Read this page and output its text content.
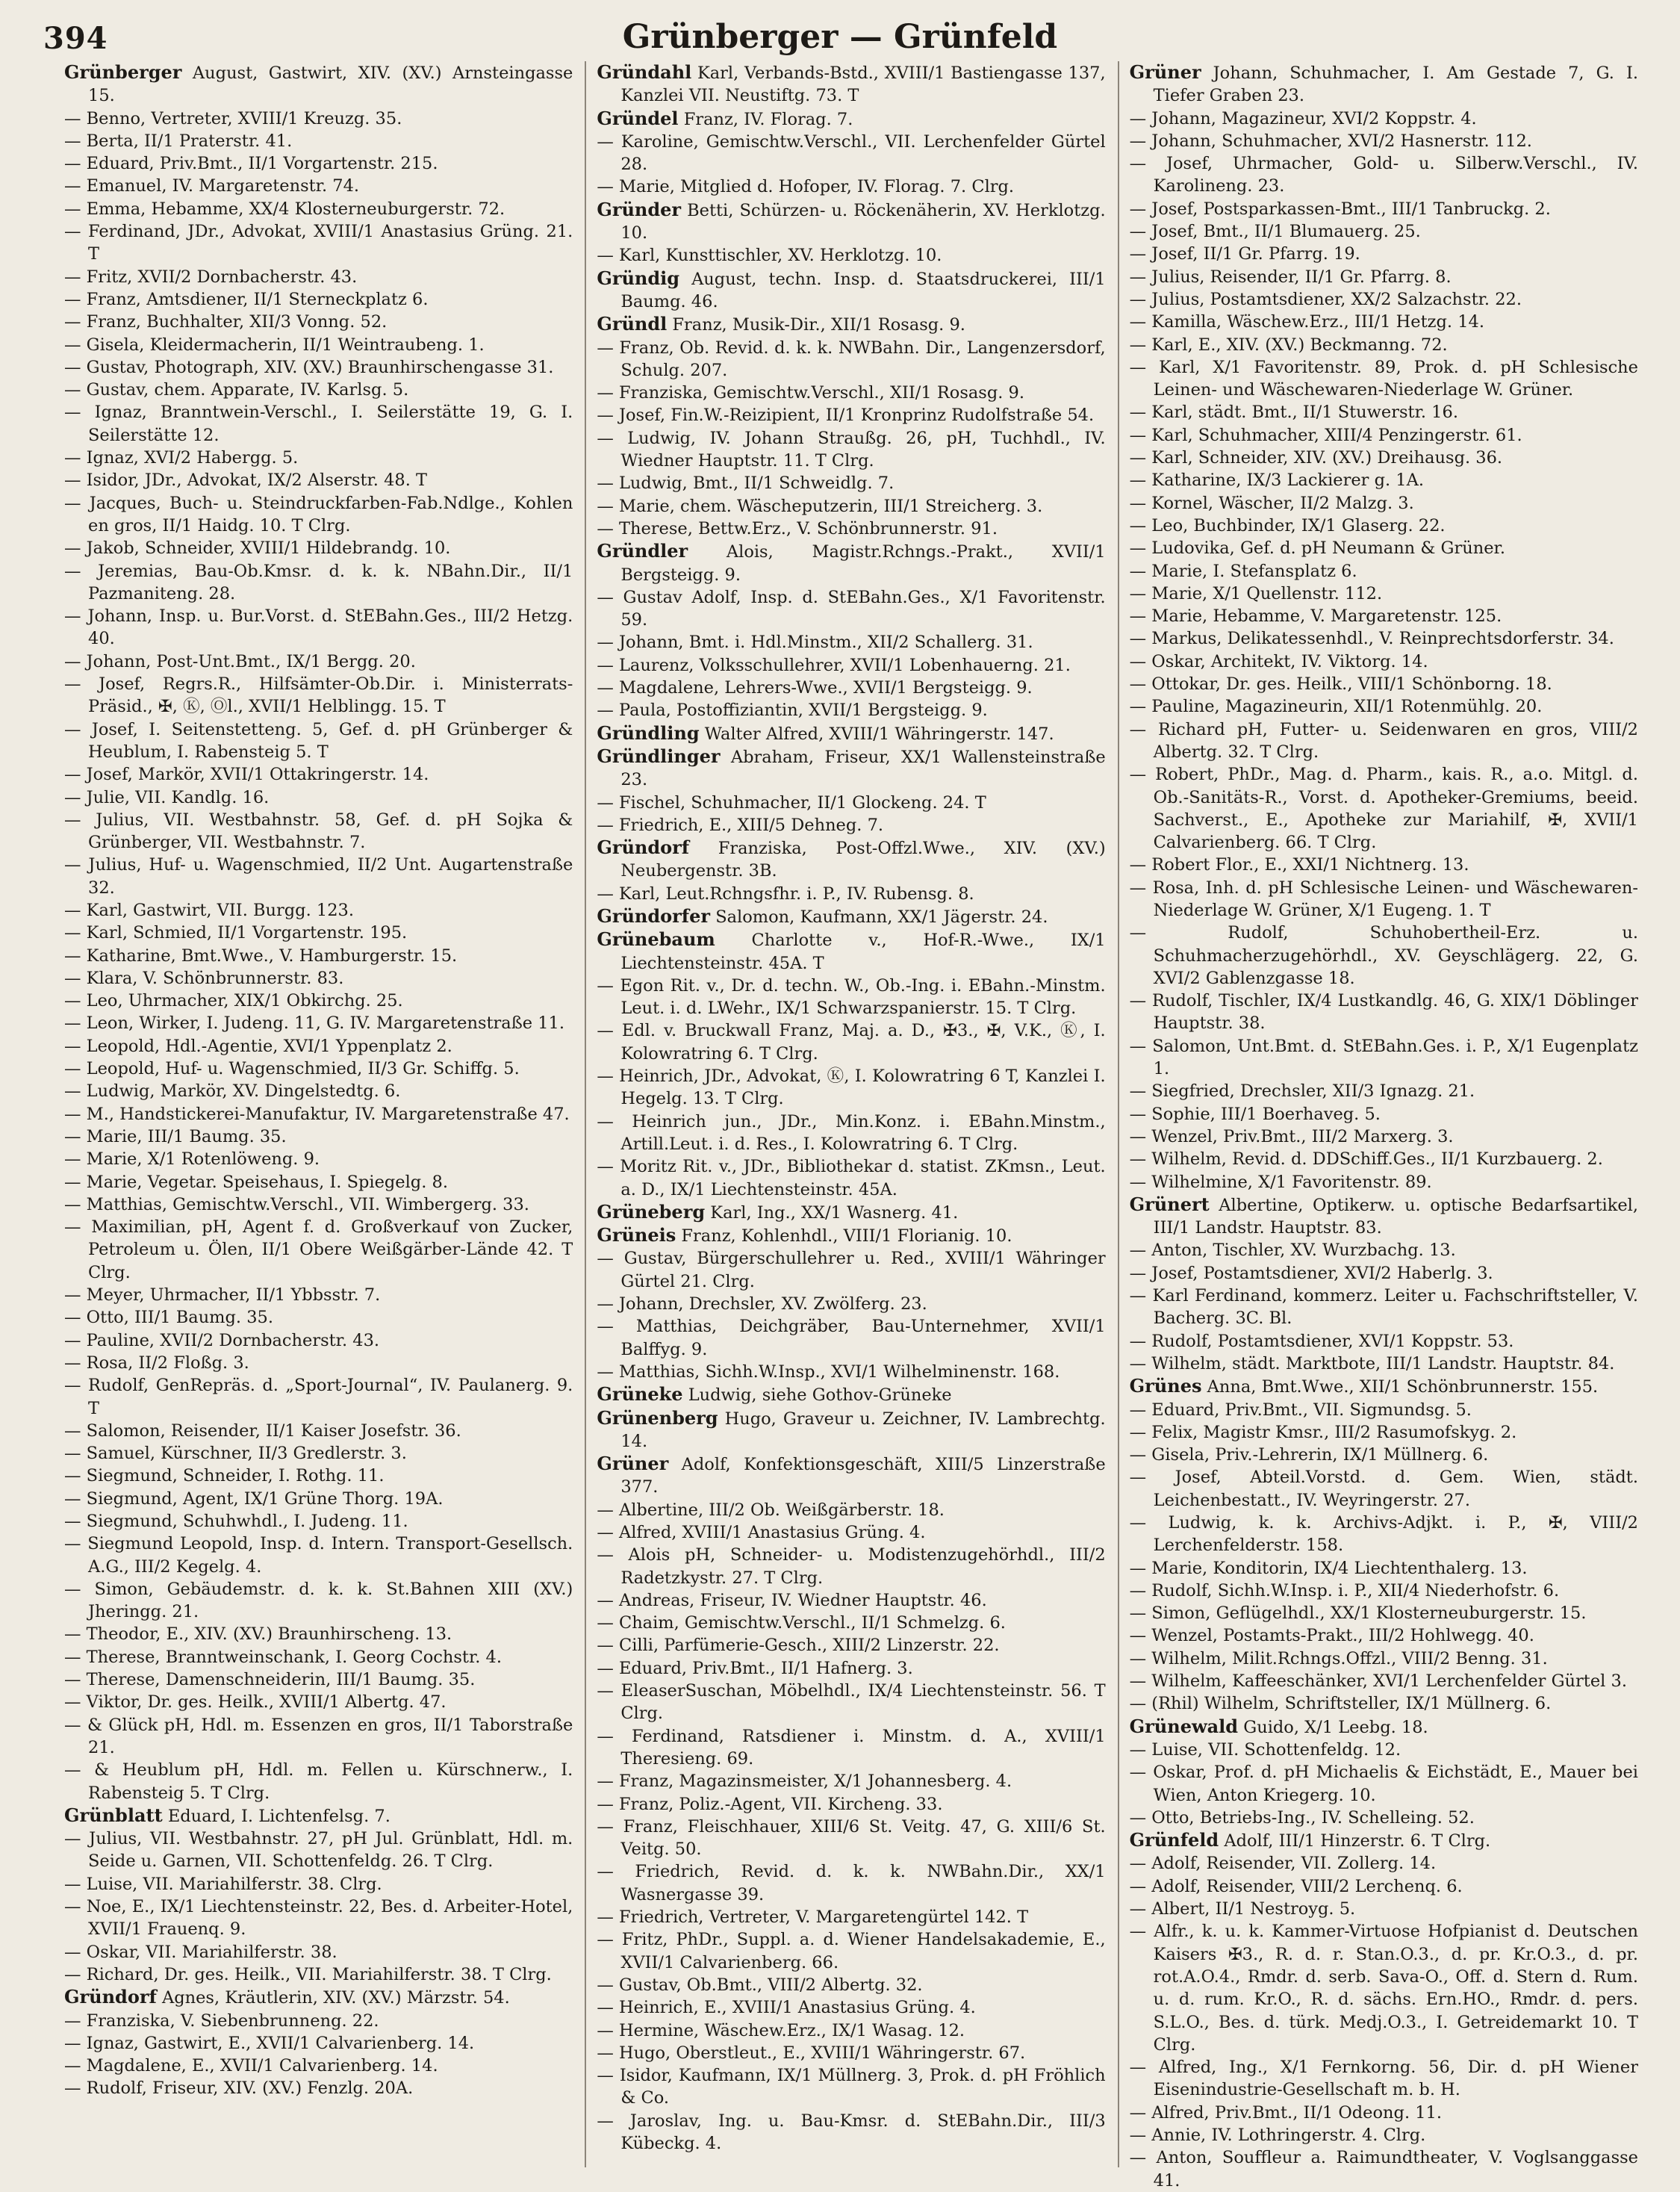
394	Grünberger — Grünfeld
Grünberger August, Gastwirt, XIV. (XV.) Arnsteingasse 15.
— Benno, Vertreter, XVIII/1 Kreuzg. 35.
— Berta, II/1 Praterstr. 41.
— Eduard, Priv.Bmt., II/1 Vorgartenstr. 215.
— Emanuel, IV. Margaretenstr. 74.
— Emma, Hebamme, XX/4 Klosterneuburgerstr. 72.
— Ferdinand, JDr., Advokat, XVIII/1 Anastasius Grüng. 21. T
— Fritz, XVII/2 Dornbacherstr. 43.
— Franz, Amtsdiener, II/1 Sterneckplatz 6.
— Franz, Buchhalter, XII/3 Vonng. 52.
— Gisela, Kleidermacherin, II/1 Weintraubeng. 1.
— Gustav, Photograph, XIV. (XV.) Braunhirschengasse 31.
— Gustav, chem. Apparate, IV. Karlsg. 5.
— Ignaz, Branntwein-Verschl., I. Seilerstätte 19, G. I. Seilerstätte 12.
— Ignaz, XVI/2 Habergg. 5.
— Isidor, JDr., Advokat, IX/2 Alserstr. 48. T
— Jacques, Buch- u. Steindruckfarben-Fab.Ndlge., Kohlen en gros, II/1 Haidg. 10. T Clrg.
— Jakob, Schneider, XVIII/1 Hildebrandg. 10.
— Jeremias, Bau-Ob.Kmsr. d. k. k. NBahn.Dir., II/1 Pazmaniteng. 28.
— Johann, Insp. u. Bur.Vorst. d. StEBahn.Ges., III/2 Hetzg. 40.
— Johann, Post-Unt.Bmt., IX/1 Bergg. 20.
— Josef, Regrs.R., Hilfsämter-Ob.Dir. i. Ministerrats-Präsid., ✠, Ⓚ, Ⓞl., XVII/1 Helblingg. 15. T
— Josef, I. Seitenstetteng. 5, Gef. d. pH Grünberger & Heublum, I. Rabensteig 5. T
— Josef, Markör, XVII/1 Ottakringerstr. 14.
— Julie, VII. Kandlg. 16.
— Julius, VII. Westbahnstr. 58, Gef. d. pH Sojka & Grünberger, VII. Westbahnstr. 7.
— Julius, Huf- u. Wagenschmied, II/2 Unt. Augartenstraße 32.
— Karl, Gastwirt, VII. Burgg. 123.
— Karl, Schmied, II/1 Vorgartenstr. 195.
— Katharine, Bmt.Wwe., V. Hamburgerstr. 15.
— Klara, V. Schönbrunnerstr. 83.
— Leo, Uhrmacher, XIX/1 Obkirchg. 25.
— Leon, Wirker, I. Judeng. 11, G. IV. Margaretenstraße 11.
— Leopold, Hdl.-Agentie, XVI/1 Yppenplatz 2.
— Leopold, Huf- u. Wagenschmied, II/3 Gr. Schiffg. 5.
— Ludwig, Markör, XV. Dingelstedtg. 6.
— M., Handstickerei-Manufaktur, IV. Margaretenstraße 47.
— Marie, III/1 Baumg. 35.
— Marie, X/1 Rotenlöweng. 9.
— Marie, Vegetar. Speisehaus, I. Spiegelg. 8.
— Matthias, Gemischtw.Verschl., VII. Wimbergerg. 33.
— Maximilian, pH, Agent f. d. Großverkauf von Zucker, Petroleum u. Ölen, II/1 Obere Weißgärber-Lände 42. T Clrg.
— Meyer, Uhrmacher, II/1 Ybbsstr. 7.
— Otto, III/1 Baumg. 35.
— Pauline, XVII/2 Dornbacherstr. 43.
— Rosa, II/2 Floßg. 3.
— Rudolf, GenRepräs. d. „Sport-Journal“, IV. Paulanerg. 9. T
— Salomon, Reisender, II/1 Kaiser Josefstr. 36.
— Samuel, Kürschner, II/3 Gredlerstr. 3.
— Siegmund, Schneider, I. Rothg. 11.
— Siegmund, Agent, IX/1 Grüne Thorg. 19A.
— Siegmund, Schuhwhdl., I. Judeng. 11.
— Siegmund Leopold, Insp. d. Intern. Transport-Gesellsch. A.G., III/2 Kegelg. 4.
— Simon, Gebäudemstr. d. k. k. St.Bahnen XIII (XV.) Jheringg. 21.
— Theodor, E., XIV. (XV.) Braunhirscheng. 13.
— Therese, Branntweinschank, I. Georg Cochstr. 4.
— Therese, Damenschneiderin, III/1 Baumg. 35.
— Viktor, Dr. ges. Heilk., XVIII/1 Albertg. 47.
— & Glück pH, Hdl. m. Essenzen en gros, II/1 Taborstraße 21.
— & Heublum pH, Hdl. m. Fellen u. Kürschnerw., I. Rabensteig 5. T Clrg.
Grünblatt Eduard, I. Lichtenfelsg. 7.
— Julius, VII. Westbahnstr. 27, pH Jul. Grünblatt, Hdl. m. Seide u. Garnen, VII. Schottenfeldg. 26. T Clrg.
— Luise, VII. Mariahilferstr. 38. Clrg.
— Noe, E., IX/1 Liechtensteinstr. 22, Bes. d. Arbeiter-Hotel, XVII/1 Frauenq. 9.
— Oskar, VII. Mariahilferstr. 38.
— Richard, Dr. ges. Heilk., VII. Mariahilferstr. 38. T Clrg.
Gründorf Agnes, Kräutlerin, XIV. (XV.) Märzstr. 54.
— Franziska, V. Siebenbrunneng. 22.
— Ignaz, Gastwirt, E., XVII/1 Calvarienberg. 14.
— Magdalene, E., XVII/1 Calvarienberg. 14.
— Rudolf, Friseur, XIV. (XV.) Fenzlg. 20A.
Gründahl Karl, Verbands-Bstd., XVIII/1 Bastiengasse 137, Kanzlei VII. Neustiftg. 73. T
Gründel Franz, IV. Florag. 7.
— Karoline, Gemischtw.Verschl., VII. Lerchenfelder Gürtel 28.
— Marie, Mitglied d. Hofoper, IV. Florag. 7. Clrg.
Gründer Betti, Schürzen- u. Röckenäherin, XV. Herklotzg. 10.
— Karl, Kunsttischler, XV. Herklotzg. 10.
Gründig August, techn. Insp. d. Staatsdruckerei, III/1 Baumg. 46.
Gründl Franz, Musik-Dir., XII/1 Rosasg. 9.
— Franz, Ob. Revid. d. k. k. NWBahn. Dir., Langenzersdorf, Schulg. 207.
— Franziska, Gemischtw.Verschl., XII/1 Rosasg. 9.
— Josef, Fin.W.-Reizipient, II/1 Kronprinz Rudolfstraße 54.
— Ludwig, IV. Johann Straußg. 26, pH, Tuchhdl., IV. Wiedner Hauptstr. 11. T Clrg.
— Ludwig, Bmt., II/1 Schweidlg. 7.
— Marie, chem. Wäscheputzerin, III/1 Streicherg. 3.
— Therese, Bettw.Erz., V. Schönbrunnerstr. 91.
Gründler Alois, Magistr.Rchngs.-Prakt., XVII/1 Bergsteigg. 9.
— Gustav Adolf, Insp. d. StEBahn.Ges., X/1 Favoritenstr. 59.
— Johann, Bmt. i. Hdl.Minstm., XII/2 Schallerg. 31.
— Laurenz, Volksschullehrer, XVII/1 Lobenhauerng. 21.
— Magdalene, Lehrers-Wwe., XVII/1 Bergsteigg. 9.
— Paula, Postoffiziantin, XVII/1 Bergsteigg. 9.
Gründling Walter Alfred, XVIII/1 Währingerstr. 147.
Gründlinger Abraham, Friseur, XX/1 Wallensteinstraße 23.
— Fischel, Schuhmacher, II/1 Glockeng. 24. T
— Friedrich, E., XIII/5 Dehneg. 7.
Gründorf Franziska, Post-Offzl.Wwe., XIV. (XV.) Neubergenstr. 3B.
— Karl, Leut.Rchngsfhr. i. P., IV. Rubensg. 8.
Gründorfer Salomon, Kaufmann, XX/1 Jägerstr. 24.
Grünebaum Charlotte v., Hof-R.-Wwe., IX/1 Liechtensteinstr. 45A. T
— Egon Rit. v., Dr. d. techn. W., Ob.-Ing. i. EBahn.-Minstm. Leut. i. d. LWehr., IX/1 Schwarzspanierstr. 15. T Clrg.
— Edl. v. Bruckwall Franz, Maj. a. D., ✠3., ✠, V.K., Ⓚ, I. Kolowratring 6. T Clrg.
— Heinrich, JDr., Advokat, Ⓚ, I. Kolowratring 6 T, Kanzlei I. Hegelg. 13. T Clrg.
— Heinrich jun., JDr., Min.Konz. i. EBahn.Minstm., Artill.Leut. i. d. Res., I. Kolowratring 6. T Clrg.
— Moritz Rit. v., JDr., Bibliothekar d. statist. ZKmsn., Leut. a. D., IX/1 Liechtensteinstr. 45A.
Grüneberg Karl, Ing., XX/1 Wasnerg. 41.
Grüneis Franz, Kohlenhdl., VIII/1 Florianig. 10.
— Gustav, Bürgerschullehrer u. Red., XVIII/1 Währinger Gürtel 21. Clrg.
— Johann, Drechsler, XV. Zwölferg. 23.
— Matthias, Deichgräber, Bau-Unternehmer, XVII/1 Balffyg. 9.
— Matthias, Sichh.W.Insp., XVI/1 Wilhelminenstr. 168.
Grüneke Ludwig, siehe Gothov-Grüneke
Grünenberg Hugo, Graveur u. Zeichner, IV. Lambrechtg. 14.
Grüner Adolf, Konfektionsgeschäft, XIII/5 Linzerstraße 377.
— Albertine, III/2 Ob. Weißgärberstr. 18.
— Alfred, XVIII/1 Anastasius Grüng. 4.
— Alois pH, Schneider- u. Modistenzugehörhdl., III/2 Radetzkystr. 27. T Clrg.
— Andreas, Friseur, IV. Wiedner Hauptstr. 46.
— Chaim, Gemischtw.Verschl., II/1 Schmelzg. 6.
— Cilli, Parfümerie-Gesch., XIII/2 Linzerstr. 22.
— Eduard, Priv.Bmt., II/1 Hafnerg. 3.
— EleaserSuschan, Möbelhdl., IX/4 Liechtensteinstr. 56. T Clrg.
— Ferdinand, Ratsdiener i. Minstm. d. A., XVIII/1 Theresieng. 69.
— Franz, Magazinsmeister, X/1 Johannesberg. 4.
— Franz, Poliz.-Agent, VII. Kircheng. 33.
— Franz, Fleischhauer, XIII/6 St. Veitg. 47, G. XIII/6 St. Veitg. 50.
— Friedrich, Revid. d. k. k. NWBahn.Dir., XX/1 Wasnergasse 39.
— Friedrich, Vertreter, V. Margaretengürtel 142. T
— Fritz, PhDr., Suppl. a. d. Wiener Handelsakademie, E., XVII/1 Calvarienberg. 66.
— Gustav, Ob.Bmt., VIII/2 Albertg. 32.
— Heinrich, E., XVIII/1 Anastasius Grüng. 4.
— Hermine, Wäschew.Erz., IX/1 Wasag. 12.
— Hugo, Oberstleut., E., XVIII/1 Währingerstr. 67.
— Isidor, Kaufmann, IX/1 Müllnerg. 3, Prok. d. pH Fröhlich & Co.
— Jaroslav, Ing. u. Bau-Kmsr. d. StEBahn.Dir., III/3 Kübeckg. 4.
Grüner Johann, Schuhmacher, I. Am Gestade 7, G. I. Tiefer Graben 23.
— Johann, Magazineur, XVI/2 Koppstr. 4.
— Johann, Schuhmacher, XVI/2 Hasnerstr. 112.
— Josef, Uhrmacher, Gold- u. Silberw.Verschl., IV. Karolineng. 23.
— Josef, Postsparkassen-Bmt., III/1 Tanbruckg. 2.
— Josef, Bmt., II/1 Blumauerg. 25.
— Josef, II/1 Gr. Pfarrg. 19.
— Julius, Reisender, II/1 Gr. Pfarrg. 8.
— Julius, Postamtsdiener, XX/2 Salzachstr. 22.
— Kamilla, Wäschew.Erz., III/1 Hetzg. 14.
— Karl, E., XIV. (XV.) Beckmanng. 72.
— Karl, X/1 Favoritenstr. 89, Prok. d. pH Schlesische Leinen- und Wäschewaren-Niederlage W. Grüner.
— Karl, städt. Bmt., II/1 Stuwerstr. 16.
— Karl, Schuhmacher, XIII/4 Penzingerstr. 61.
— Karl, Schneider, XIV. (XV.) Dreihausg. 36.
— Katharine, IX/3 Lackierer g. 1A.
— Kornel, Wäscher, II/2 Malzg. 3.
— Leo, Buchbinder, IX/1 Glaserg. 22.
— Ludovika, Gef. d. pH Neumann & Grüner.
— Marie, I. Stefansplatz 6.
— Marie, X/1 Quellenstr. 112.
— Marie, Hebamme, V. Margaretenstr. 125.
— Markus, Delikatessenhdl., V. Reinprechtsdorferstr. 34.
— Oskar, Architekt, IV. Viktorg. 14.
— Ottokar, Dr. ges. Heilk., VIII/1 Schönborng. 18.
— Pauline, Magazineurin, XII/1 Rotenmühlg. 20.
— Richard pH, Futter- u. Seidenwaren en gros, VIII/2 Albertg. 32. T Clrg.
— Robert, PhDr., Mag. d. Pharm., kais. R., a.o. Mitgl. d. Ob.-Sanitäts-R., Vorst. d. Apotheker-Gremiums, beeid. Sachverst., E., Apotheke zur Mariahilf, ✠, XVII/1 Calvarienberg. 66. T Clrg.
— Robert Flor., E., XXI/1 Nichtnerg. 13.
— Rosa, Inh. d. pH Schlesische Leinen- und Wäschewaren-Niederlage W. Grüner, X/1 Eugeng. 1. T
— Rudolf, Schuhobertheil-Erz. u. Schuhmacherzugehörhdl., XV. Geyschlägerg. 22, G. XVI/2 Gablenzgasse 18.
— Rudolf, Tischler, IX/4 Lustkandlg. 46, G. XIX/1 Döblinger Hauptstr. 38.
— Salomon, Unt.Bmt. d. StEBahn.Ges. i. P., X/1 Eugenplatz 1.
— Siegfried, Drechsler, XII/3 Ignazg. 21.
— Sophie, III/1 Boerhaveg. 5.
— Wenzel, Priv.Bmt., III/2 Marxerg. 3.
— Wilhelm, Revid. d. DDSchiff.Ges., II/1 Kurzbauerg. 2.
— Wilhelmine, X/1 Favoritenstr. 89.
Grünert Albertine, Optikerw. u. optische Bedarfsartikel, III/1 Landstr. Hauptstr. 83.
— Anton, Tischler, XV. Wurzbachg. 13.
— Josef, Postamtsdiener, XVI/2 Haberlg. 3.
— Karl Ferdinand, kommerz. Leiter u. Fachschriftsteller, V. Bacherg. 3C. Bl.
— Rudolf, Postamtsdiener, XVI/1 Koppstr. 53.
— Wilhelm, städt. Marktbote, III/1 Landstr. Hauptstr. 84.
Grünes Anna, Bmt.Wwe., XII/1 Schönbrunnerstr. 155.
— Eduard, Priv.Bmt., VII. Sigmundsg. 5.
— Felix, Magistr Kmsr., III/2 Rasumofskyg. 2.
— Gisela, Priv.-Lehrerin, IX/1 Müllnerg. 6.
— Josef, Abteil.Vorstd. d. Gem. Wien, städt. Leichenbestatt., IV. Weyringerstr. 27.
— Ludwig, k. k. Archivs-Adjkt. i. P., ✠, VIII/2 Lerchenfelderstr. 158.
— Marie, Konditorin, IX/4 Liechtenthalerg. 13.
— Rudolf, Sichh.W.Insp. i. P., XII/4 Niederhofstr. 6.
— Simon, Geflügelhdl., XX/1 Klosterneuburgerstr. 15.
— Wenzel, Postamts-Prakt., III/2 Hohlwegg. 40.
— Wilhelm, Milit.Rchngs.Offzl., VIII/2 Benng. 31.
— Wilhelm, Kaffeeschänker, XVI/1 Lerchenfelder Gürtel 3.
— (Rhil) Wilhelm, Schriftsteller, IX/1 Müllnerg. 6.
Grünewald Guido, X/1 Leebg. 18.
— Luise, VII. Schottenfeldg. 12.
— Oskar, Prof. d. pH Michaelis & Eichstädt, E., Mauer bei Wien, Anton Kriegerg. 10.
— Otto, Betriebs-Ing., IV. Schelleing. 52.
Grünfeld Adolf, III/1 Hinzerstr. 6. T Clrg.
— Adolf, Reisender, VII. Zollerg. 14.
— Adolf, Reisender, VIII/2 Lerchenq. 6.
— Albert, II/1 Nestroyg. 5.
— Alfr., k. u. k. Kammer-Virtuose Hofpianist d. Deutschen Kaisers ✠3., R. d. r. Stan.O.3., d. pr. Kr.O.3., d. pr. rot.A.O.4., Rmdr. d. serb. Sava-O., Off. d. Stern d. Rum. u. d. rum. Kr.O., R. d. sächs. Ern.HO., Rmdr. d. pers. S.L.O., Bes. d. türk. Medj.O.3., I. Getreidemarkt 10. T Clrg.
— Alfred, Ing., X/1 Fernkorng. 56, Dir. d. pH Wiener Eisenindustrie-Gesellschaft m. b. H.
— Alfred, Priv.Bmt., II/1 Odeong. 11.
— Annie, IV. Lothringerstr. 4. Clrg.
— Anton, Souffleur a. Raimundtheater, V. Voglsanggasse 41.
